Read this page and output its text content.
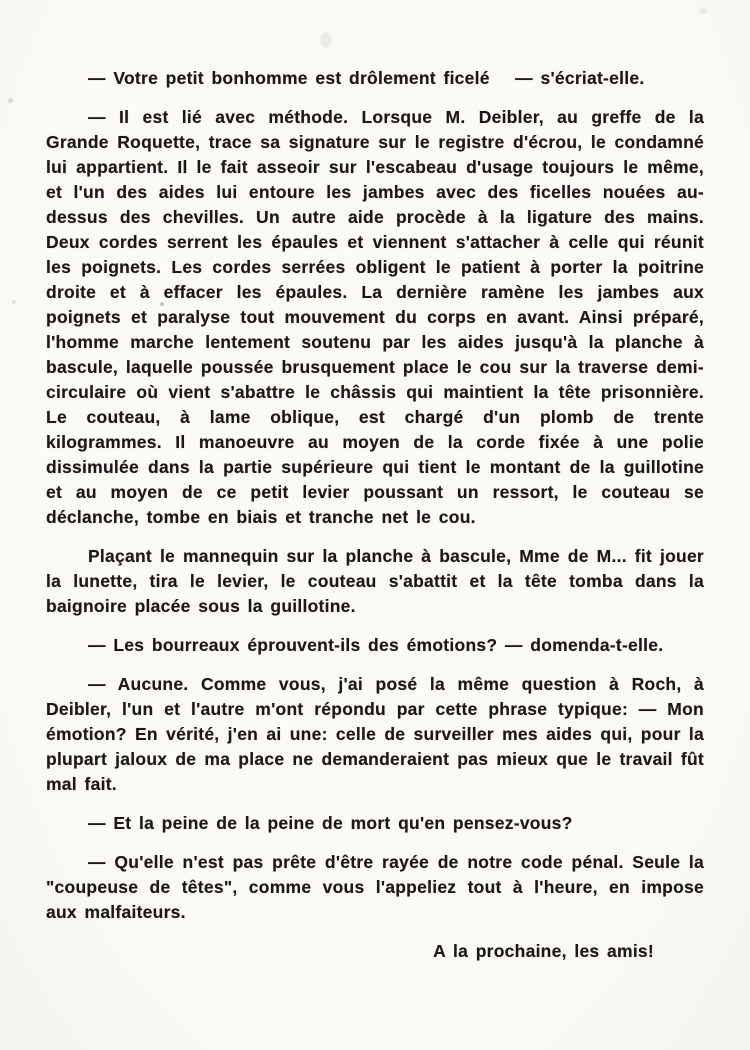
— Votre petit bonhomme est drôlement ficelé  — s'écriat-elle.

— Il est lié avec méthode. Lorsque M. Deibler, au greffe de la Grande Roquette, trace sa signature sur le registre d'écrou, le condamné lui appartient. Il le fait asseoir sur l'escabeau d'usage toujours le même, et l'un des aides lui entoure les jambes avec des ficelles nouées au-dessus des chevilles. Un autre aide procède à la ligature des mains. Deux cordes serrent les épaules et viennent s'attacher à celle qui réunit les poignets. Les cordes serrées obligent le patient à porter la poitrine droite et à effacer les épaules. La dernière ramène les jambes aux poignets et paralyse tout mouvement du corps en avant. Ainsi préparé, l'homme marche lentement soutenu par les aides jusqu'à la planche à bascule, laquelle poussée brusquement place le cou sur la traverse demi-circulaire où vient s'abattre le châssis qui maintient la tête prisonnière. Le couteau, à lame oblique, est chargé d'un plomb de trente kilogrammes. Il manoeuvre au moyen de la corde fixée à une polie dissimulée dans la partie supérieure qui tient le montant de la guillotine et au moyen de ce petit levier poussant un ressort, le couteau se déclanche, tombe en biais et tranche net le cou.

Plaçant le mannequin sur la planche à bascule, Mme de M... fit jouer la lunette, tira le levier, le couteau s'abattit et la tête tomba dans la baignoire placée sous la guillotine.

— Les bourreaux éprouvent-ils des émotions? — domenda-t-elle.

— Aucune. Comme vous, j'ai posé la même question à Roch, à Deibler, l'un et l'autre m'ont répondu par cette phrase typique: — Mon émotion? En vérité, j'en ai une: celle de surveiller mes aides qui, pour la plupart jaloux de ma place ne demanderaient pas mieux que le travail fût mal fait.

— Et la peine de la peine de mort qu'en pensez-vous?

— Qu'elle n'est pas prête d'être rayée de notre code pénal. Seule la "coupeuse de têtes", comme vous l'appeliez tout à l'heure, en impose aux malfaiteurs.

A la prochaine, les amis!
